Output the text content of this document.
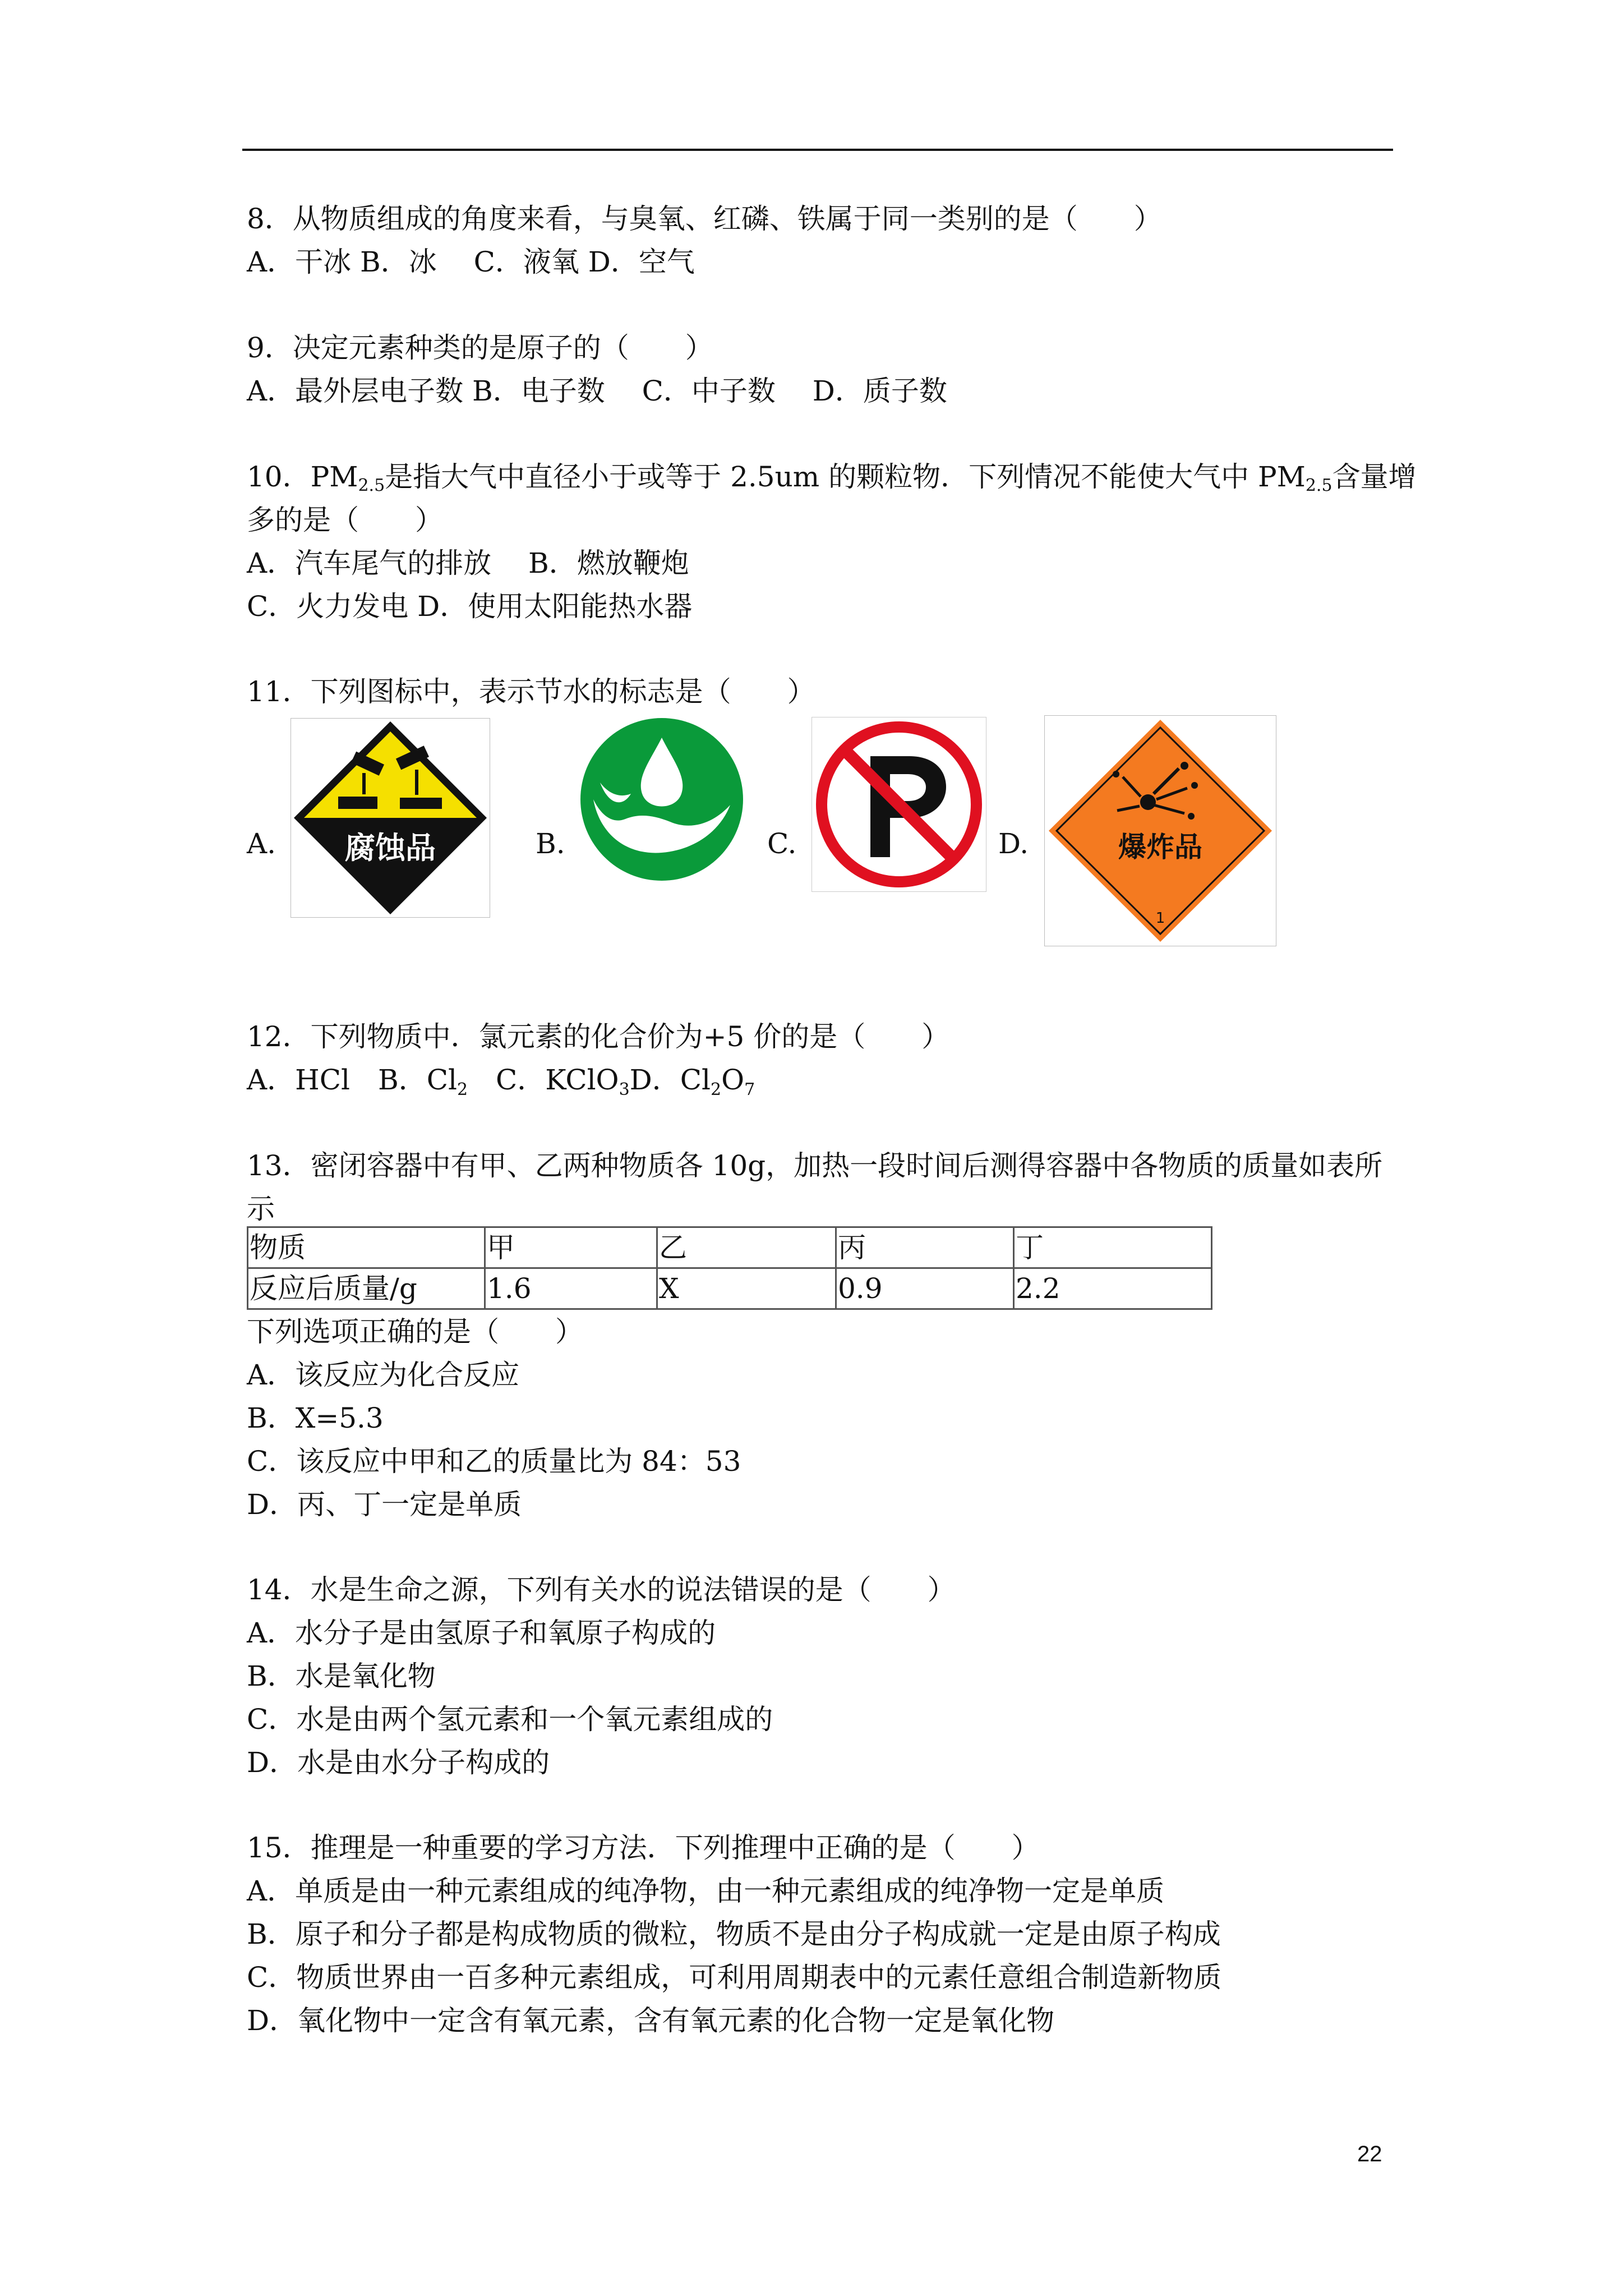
8．从物质组成的角度来看，与臭氧、红磷、铁属于同一类别的是（　　）
A．干冰 B．冰　 C．液氧 D．空气
9．决定元素种类的是原子的（　　）
A．最外层电子数 B．电子数　 C．中子数　 D．质子数
10．PM2.5是指大气中直径小于或等于 2.5um 的颗粒物．下列情况不能使大气中 PM2.5含量增
多的是（　　）
A．汽车尾气的排放　 B．燃放鞭炮
C．火力发电 D．使用太阳能热水器
11．下列图标中，表示节水的标志是（　　）
A.	B.	C.	D.
腐蚀品	爆炸品
1
12．下列物质中．氯元素的化合价为+5 价的是（　　）
A．HCl　B．$Cl_2$　C．KClO$_3$D．$Cl_2O_7$
13．密闭容器中有甲、乙两种物质各 10g，加热一段时间后测得容器中各物质的质量如表所
示
物质	甲	乙	丙	丁
反应后质量/g	1.6	X	0.9	2.2
下列选项正确的是（　　）
A．该反应为化合反应
B．X=5.3
C．该反应中甲和乙的质量比为 84：53
D．丙、丁一定是单质
14．水是生命之源，下列有关水的说法错误的是（　　）
A．水分子是由氢原子和氧原子构成的
B．水是氧化物
C．水是由两个氢元素和一个氧元素组成的
D．水是由水分子构成的
15．推理是一种重要的学习方法．下列推理中正确的是（　　）
A．单质是由一种元素组成的纯净物，由一种元素组成的纯净物一定是单质
B．原子和分子都是构成物质的微粒，物质不是由分子构成就一定是由原子构成
C．物质世界由一百多种元素组成，可利用周期表中的元素任意组合制造新物质
D．氧化物中一定含有氧元素，含有氧元素的化合物一定是氧化物
22
